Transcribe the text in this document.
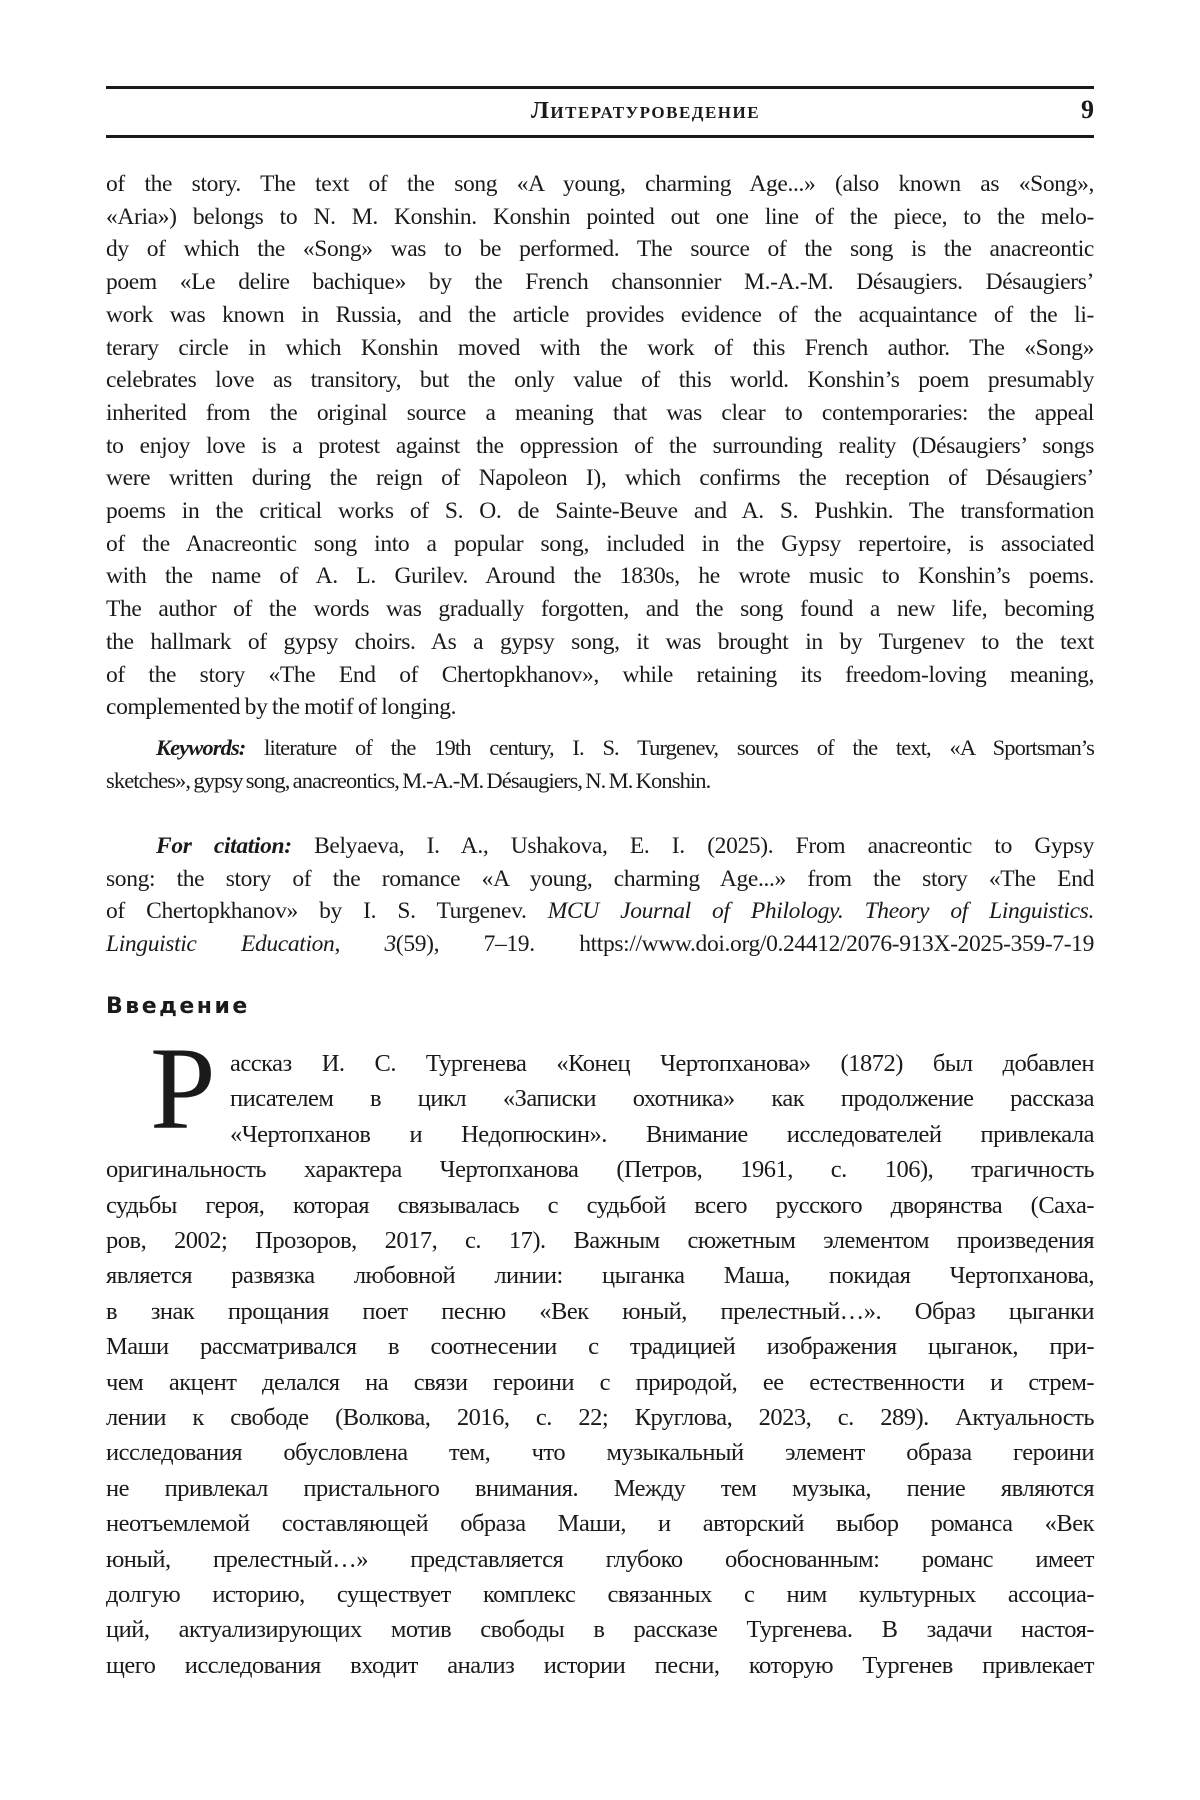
Литературоведение	9
of the story. The text of the song «A young, charming Age...» (also known as «Song»,
«Aria») belongs to N. M. Konshin. Konshin pointed out one line of the piece, to the melo-
dy of which the «Song» was to be performed. The source of the song is the anacreontic
poem «Le delire bachique» by the French chansonnier M.-A.-M. Désaugiers. Désaugiers’
work was known in Russia, and the article provides evidence of the acquaintance of the li-
terary circle in which Konshin moved with the work of this French author. The «Song»
celebrates love as transitory, but the only value of this world. Konshin’s poem presumably
inherited from the original source a meaning that was clear to contemporaries: the appeal
to enjoy love is a protest against the oppression of the surrounding reality (Désaugiers’ songs
were written during the reign of Napoleon I), which confirms the reception of Désaugiers’
poems in the critical works of S. O. de Sainte-Beuve and A. S. Pushkin. The transformation
of the Anacreontic song into a popular song, included in the Gypsy repertoire, is associated
with the name of A. L. Gurilev. Around the 1830s, he wrote music to Konshin’s poems.
The author of the words was gradually forgotten, and the song found a new life, becoming
the hallmark of gypsy choirs. As a gypsy song, it was brought in by Turgenev to the text
of the story «The End of Chertopkhanov», while retaining its freedom-loving meaning,
complemented by the motif of longing.
Keywords: literature of the 19th century, I. S. Turgenev, sources of the text, «A Sportsman’s
sketches», gypsy song, anacreontics, M.-A.-M. Désaugiers, N. M. Konshin.
For citation: Belyaeva, I. A., Ushakova, E. I. (2025). From anacreontic to Gypsy
song: the story of the romance «A young, charming Age...» from the story «The End
of Chertopkhanov» by I. S. Turgenev. MCU Journal of Philology. Theory of Linguistics.
Linguistic Education, 3(59), 7–19. https://www.doi.org/0.24412/2076-913X-2025-359-7-19
Введение
Р ассказ И. С. Тургенева «Конец Чертопханова» (1872) был добавлен
писателем в цикл «Записки охотника» как продолжение рассказа
«Чертопханов и Недопюскин». Внимание исследователей привлекала
оригинальность характера Чертопханова (Петров, 1961, с. 106), трагичность
судьбы героя, которая связывалась с судьбой всего русского дворянства (Саха-
ров, 2002; Прозоров, 2017, с. 17). Важным сюжетным элементом произведения
является развязка любовной линии: цыганка Маша, покидая Чертопханова,
в знак прощания поет песню «Век юный, прелестный…». Образ цыганки
Маши рассматривался в соотнесении с традицией изображения цыганок, при-
чем акцент делался на связи героини с природой, ее естественности и стрем-
лении к свободе (Волкова, 2016, с. 22; Круглова, 2023, с. 289). Актуальность
исследования обусловлена тем, что музыкальный элемент образа героини
не привлекал пристального внимания. Между тем музыка, пение являются
неотъемлемой составляющей образа Маши, и авторский выбор романса «Век
юный, прелестный…» представляется глубоко обоснованным: романс имеет
долгую историю, существует комплекс связанных с ним культурных ассоциа-
ций, актуализирующих мотив свободы в рассказе Тургенева. В задачи настоя-
щего исследования входит анализ истории песни, которую Тургенев привлекает
